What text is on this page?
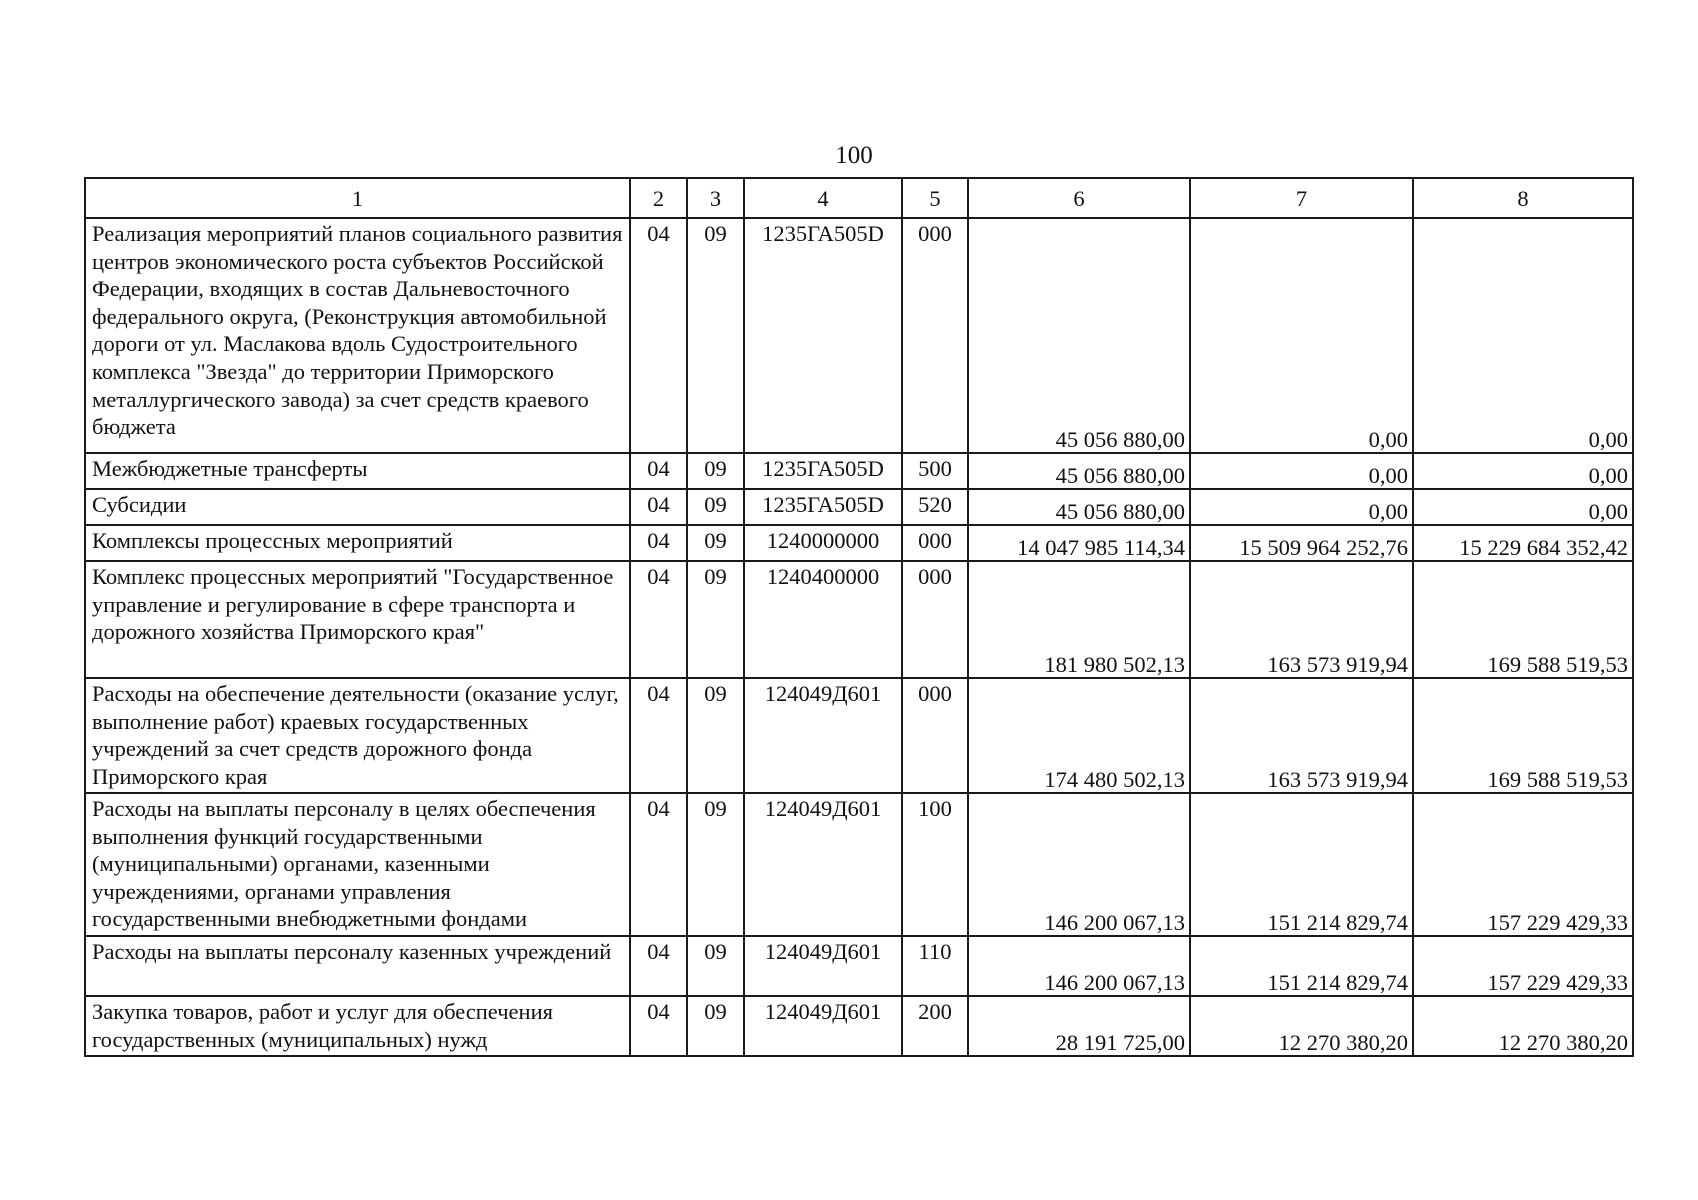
100
1	2	3	4	5	6	7	8
Реализация мероприятий планов социального развития центров экономического роста субъектов Российской Федерации, входящих в состав Дальневосточного федерального округа, (Реконструкция автомобильной дороги от ул. Маслакова вдоль Судостроительного комплекса "Звезда" до территории Приморского металлургического завода) за счет средств краевого бюджета	04	09	1235ГА505D	000	45 056 880,00	0,00	0,00
Межбюджетные трансферты	04	09	1235ГА505D	500	45 056 880,00	0,00	0,00
Субсидии	04	09	1235ГА505D	520	45 056 880,00	0,00	0,00
Комплексы процессных мероприятий	04	09	1240000000	000	14 047 985 114,34	15 509 964 252,76	15 229 684 352,42
Комплекс процессных мероприятий "Государственное управление и регулирование в сфере транспорта и дорожного хозяйства Приморского края"	04	09	1240400000	000	181 980 502,13	163 573 919,94	169 588 519,53
Расходы на обеспечение деятельности (оказание услуг, выполнение работ) краевых государственных учреждений за счет средств дорожного фонда Приморского края	04	09	124049Д601	000	174 480 502,13	163 573 919,94	169 588 519,53
Расходы на выплаты персоналу в целях обеспечения выполнения функций государственными (муниципальными) органами, казенными учреждениями, органами управления государственными внебюджетными фондами	04	09	124049Д601	100	146 200 067,13	151 214 829,74	157 229 429,33
Расходы на выплаты персоналу казенных учреждений	04	09	124049Д601	110	146 200 067,13	151 214 829,74	157 229 429,33
Закупка товаров, работ и услуг для обеспечения государственных (муниципальных) нужд	04	09	124049Д601	200	28 191 725,00	12 270 380,20	12 270 380,20
